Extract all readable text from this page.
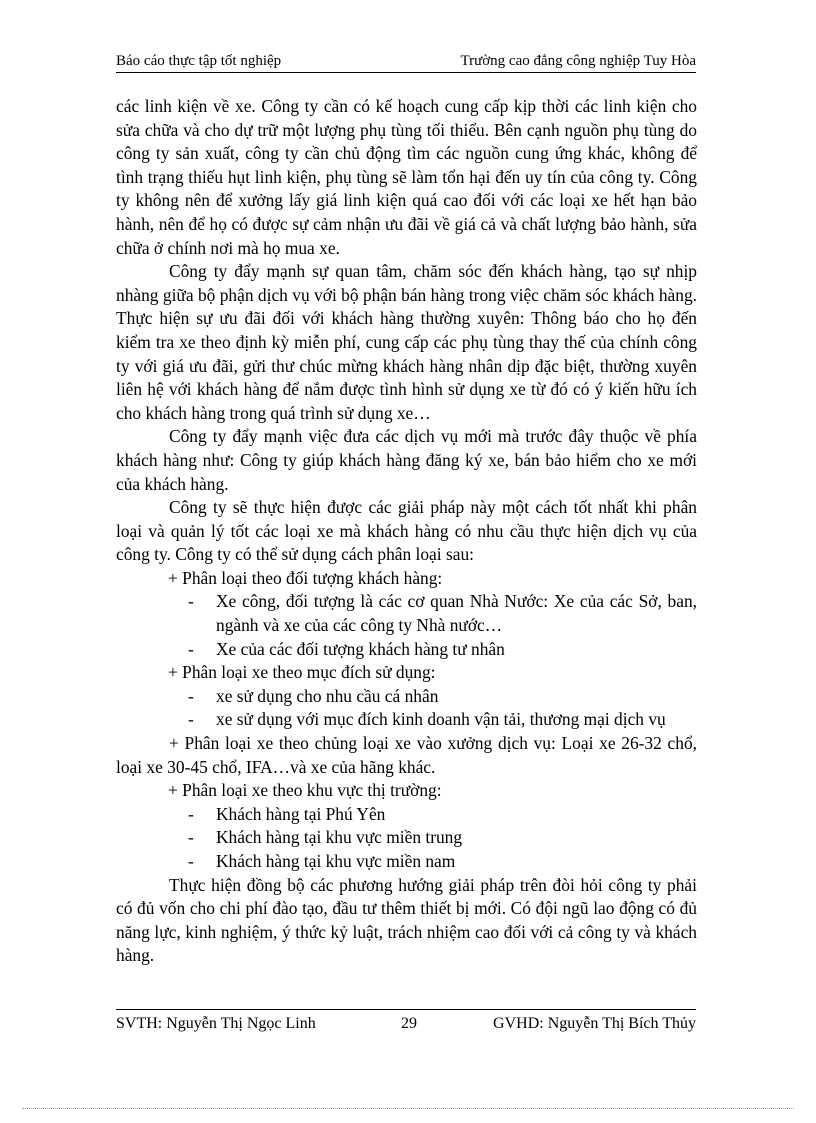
Báo cáo thực tập tốt nghiệp	Trường cao đẳng công nghiệp Tuy Hòa

các linh kiện về xe. Công ty cần có kế hoạch cung cấp kịp thời các linh kiện cho sửa chữa và cho dự trữ một lượng phụ tùng tối thiểu. Bên cạnh nguồn phụ tùng do công ty sản xuất, công ty cần chủ động tìm các nguồn cung ứng khác, không để tình trạng thiếu hụt linh kiện, phụ tùng sẽ làm tổn hại đến uy tín của công ty. Công ty không nên để xưởng lấy giá linh kiện quá cao đối với các loại xe hết hạn bảo hành, nên để họ có được sự cảm nhận ưu đãi về giá cả và chất lượng bảo hành, sửa chữa ở chính nơi mà họ mua xe.

Công ty đẩy mạnh sự quan tâm, chăm sóc đến khách hàng, tạo sự nhịp nhàng giữa bộ phận dịch vụ với bộ phận bán hàng trong việc chăm sóc khách hàng. Thực hiện sự ưu đãi đối với khách hàng thường xuyên: Thông báo cho họ đến kiểm tra xe theo định kỳ miễn phí, cung cấp các phụ tùng thay thế của chính công ty với giá ưu đãi, gửi thư chúc mừng khách hàng nhân dịp đặc biệt, thường xuyên liên hệ với khách hàng để nắm được tình hình sử dụng xe từ đó có ý kiến hữu ích cho khách hàng trong quá trình sử dụng xe…

Công ty đẩy mạnh việc đưa các dịch vụ mới mà trước đây thuộc về phía khách hàng như: Công ty giúp khách hàng đăng ký xe, bán bảo hiểm cho xe mới của khách hàng.

Công ty sẽ thực hiện được các giải pháp này một cách tốt nhất khi phân loại và quản lý tốt các loại xe mà khách hàng có nhu cầu thực hiện dịch vụ của công ty. Công ty có thể sử dụng cách phân loại sau:

+ Phân loại theo đối tượng khách hàng:

- Xe công, đối tượng là các cơ quan Nhà Nước: Xe của các Sở, ban, ngành và xe của các công ty Nhà nước…
- Xe của các đối tượng khách hàng tư nhân

+ Phân loại xe theo mục đích sử dụng:

- xe sử dụng cho nhu cầu cá nhân
- xe sử dụng với mục đích kinh doanh vận tải, thương mại dịch vụ

+ Phân loại xe theo chủng loại xe vào xưởng dịch vụ: Loại xe 26-32 chổ, loại xe 30-45 chổ, IFA…và xe của hãng khác.

+ Phân loại xe theo khu vực thị trường:

- Khách hàng tại Phú Yên
- Khách hàng tại khu vực miền trung
- Khách hàng tại khu vực miền nam

Thực hiện đồng bộ các phương hướng giải pháp trên đòi hỏi công ty phải có đủ vốn cho chi phí đào tạo, đầu tư thêm thiết bị mới. Có đội ngũ lao động có đủ năng lực, kinh nghiệm, ý thức kỷ luật, trách nhiệm cao đối với cả công ty và khách hàng.

SVTH: Nguyễn Thị Ngọc Linh	29	GVHD: Nguyễn Thị Bích Thủy
